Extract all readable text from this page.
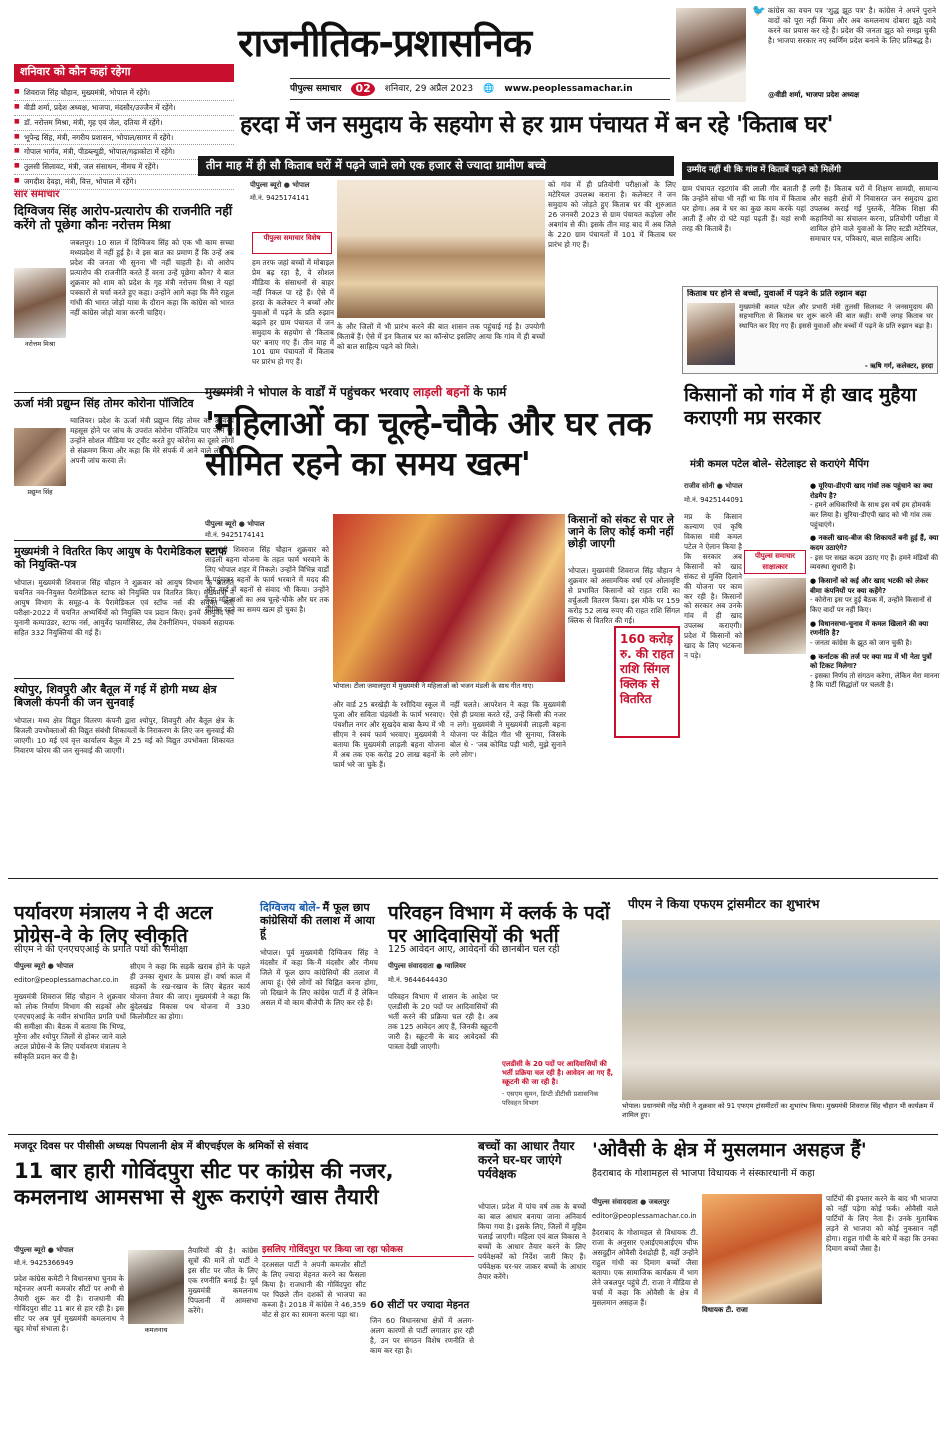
शनिवार को कौन कहां रहेगा
■ शिवराज सिंह चौहान, मुख्यमंत्री, भोपाल में रहेंगे।
■ वीडी शर्मा, प्रदेश अध्यक्ष, भाजपा, मंदसौर/उज्जैन में रहेंगे।
■ डॉ. नरोत्तम मिश्रा, मंत्री, गृह एवं जेल, दतिया में रहेंगे।
■ भूपेन्द्र सिंह, मंत्री, नगरीय प्रशासन, भोपाल/सागर में रहेंगे।
■ गोपाल भार्गव, मंत्री, पीडब्ल्यूडी, भोपाल/गढ़ाकोटा में रहेंगे।
■ तुलसी सिलावट, मंत्री, जल संसाधन, नीमच में रहेंगे।
■ जगदीश देवड़ा, मंत्री, वित्त, भोपाल में रहेंगे।
राजनीतिक-प्रशासनिक
पीपुल्स समाचार	02	शनिवार, 29 अप्रैल 2023 🌐 www.peoplessamachar.in
🐦 कांग्रेस का वचन पत्र 'शुद्ध झूठ पत्र' है। कांग्रेस ने अपने पुराने वादों को पूरा नहीं किया और अब कमलनाथ दोबारा झूठे वादे करने का प्रयास कर रहे हैं। प्रदेश की जनता झूठ को समझ चुकी है। भाजपा सरकार नए स्वर्णिम प्रदेश बनाने के लिए प्रतिबद्ध है।
@वीडी शर्मा, भाजपा प्रदेश अध्यक्ष
सार समाचार
दिग्विजय सिंह आरोप-प्रत्यारोप की राजनीति नहीं करेंगे तो पूछेगा कौनः नरोत्तम मिश्रा
नरोत्तम मिश्रा
जबलपुर। 10 साल में दिग्विजय सिंह को एक भी काम सच्चा मध्यप्रदेश में नहीं हुई है। वे इस बात का प्रमाण हैं कि उन्हें अब प्रदेश की जनता भी सुनना भी नहीं चाहती है। वो आरोप प्रत्यारोप की राजनीति करते हैं वरना उन्हें पूछेगा कौन? ये बात शुक्रवार को शाम को प्रदेश के गृह मंत्री नरोत्तम मिश्रा ने यहां पत्रकारों से चर्चा करते हुए कहा। उन्होंने आगे कहा कि मैंने राहुल गांधी की भारत जोड़ो यात्रा के दौरान कहा कि कांग्रेस को भारत नहीं कांग्रेस जोड़ो यात्रा करनी चाहिए।
ऊर्जा मंत्री प्रद्युम्न सिंह तोमर कोरोना पॉजिटिव
प्रद्युम्न सिंह
ग्वालियर। प्रदेश के ऊर्जा मंत्री प्रद्युम्न सिंह तोमर को अस्वस्थ महसूस होने पर जांच के उपरांत कोरोना पॉजिटिव पाए जाने पर उन्होंने सोशल मीडिया पर ट्वीट करते हुए कोरोना का दूसरे लोगों से संक्रमण किया और कहा कि मेरे संपर्क में आने वाले लोग भी अपनी जांच करवा लें।
मुख्यमंत्री ने वितरित किए आयुष के पैरामेडिकल स्टाफ को नियुक्ति-पत्र
भोपाल। मुख्यमंत्री शिवराज सिंह चौहान ने शुक्रवार को आयुष विभाग के अंतर्गत चयनित नव-नियुक्त पैरामेडिकल स्टाफ को नियुक्ति पत्र वितरित किए। मुख्यमंत्री ने आयुष विभाग के समूह-4 के पैरामेडिकल एवं स्टॉफ नर्स की संयुक्त भर्ती परीक्षा-2022 में चयनित अभ्यर्थियों को नियुक्ति पत्र प्रदान किए। इनमें आयुर्वेद एवं यूनानी कम्पाउंडर, स्टाफ नर्स, आयुर्वेद फार्मासिस्ट, लैब टेक्नीशियन, पंचकर्म सहायक सहित 332 नियुक्तियां की गई हैं।
श्योपुर, शिवपुरी और बैतूल में गई में होगी मध्य क्षेत्र बिजली कंपनी की जन सुनवाई
भोपाल। मध्य क्षेत्र विद्युत वितरण कंपनी द्वारा श्योपुर, शिवपुरी और बैतूल क्षेत्र के बिजली उपभोक्ताओं की विद्युत संबंधी शिकायतों के निराकरण के लिए जन सुनवाई की जाएगी। 10 मई एवं वृत्त कार्यालय बैतूल में 25 मई को विद्युत उपभोक्ता शिकायत निवारण फोरम की जन सुनवाई की जाएगी।
हरदा में जन समुदाय के सहयोग से हर ग्राम पंचायत में बन रहे 'किताब घर'
तीन माह में ही सौ किताब घरों में पढ़ने जाने लगे एक हजार से ज्यादा ग्रामीण बच्चे
पीपुल्स ब्यूरो ● भोपाल
मो.नं. 9425174141
पीपुल्स समाचार विशेष
हम तरफ जहां बच्चों में मोबाइल प्रेम बढ़ रहा है, वे सोशल मीडिया के संसाधनों से बाहर नहीं निकल पा रहे हैं। ऐसे में हरदा के कलेक्टर ने बच्चों और युवाओं में पढ़ने के प्रति रुझान बढ़ाने हर ग्राम पंचायत में जन समुदाय के सहयोग से 'किताब घर' बनाए गए हैं। तीन माह में 101 ग्राम पंचायतों में किताब घर प्रारंभ हो गए हैं।
के और जिलों में भी प्रारंभ करने की बात शासन तक पहुंचाई गई है। उपयोगी किताबें हैं। ऐसे में इन किताब घर का कॉन्सेप्ट इसलिए आया कि गांव में ही बच्चों को बाल साहित्य पढ़ने को मिले।
को गांव में ही प्रतियोगी परीक्षाओं के लिए मटेरियल उपलब्ध कराना है। कलेक्टर ने जन समुदाय को जोड़ते हुए किताब घर की शुरुआत 26 जनवरी 2023 से ग्राम पंचायत कड़ोला और अबगांव से की। इसके तीन माह बाद में अब जिले के 220 ग्राम पंचायतों में 101 में किताब घर प्रारंभ हो गए हैं।
उम्मीद नहीं थी कि गांव में किताबें पढ़ने को मिलेंगी
ग्राम पंचायत रहटगांव की लाली गीर बताती हैं कि उन्होंने सोचा भी नहीं था कि गांव में किताब घर होगा। अब वे घर का कुछ काम करके यहां आती हैं और दो घंटे यहां पढ़ती हैं। यहां सभी तरह की किताबें हैं।
लगी हैं। किताब घरों में शिक्षण सामग्री, सामान्य और सहरी क्षेत्रों में निवासरत जन समुदाय द्वारा उपलब्ध कराई गई पुस्तकें, नैतिक शिक्षा की कहानियों का संचालन करना, प्रतियोगी परीक्षा में शामिल होने वाले युवाओं के लिए स्टडी मटेरियल, समाचार पत्र, पत्रिकाएं, बाल साहित्य आदि।
किताब घर होने से बच्चों, युवाओं में पढ़ने के प्रति रुझान बढ़ा
मुख्यमंत्री कमल पटेल और प्रभारी मंत्री तुलसी सिलावट ने जनसमुदाय की सहभागिता से किताब घर शुरू करने की बात कही। सभी जगह किताब घर स्थापित कर दिए गए हैं। इससे युवाओं और बच्चों में पढ़ने के प्रति रुझान बढ़ा है।
- ऋषि गर्ग, कलेक्टर, हरदा
मुख्यमंत्री ने भोपाल के वार्डों में पहुंचकर भरवाए लाड़ली बहनों के फार्म
'महिलाओं का चूल्हे-चौके और घर तक सीमित रहने का समय खत्म'
पीपुल्स ब्यूरो ● भोपाल
मो.नं. 9425174141
मुख्यमंत्री शिवराज सिंह चौहान शुक्रवार को लाड़ली बहना योजना के तहत फार्म भरवाने के लिए भोपाल शहर में निकले। उन्होंने विभिन्न वार्डों में पहुंचकर बहनों के फार्म भरवाने में मदद की और वार्ड में बहनों से संवाद भी किया। उन्होंने कहा महिलाओं का अब चूल्हे-चौके और घर तक सीमित रहने का समय खत्म हो चुका है।
भोपाल। टीला जमालपुरा में मुख्यमंत्री ने महिलाओं को भजन मंडली के साथ गीत गाए।
और वार्ड 25 बरखेड़ी के रशीदिया स्कूल में पूजा और सविता चंद्रवंशी के फार्म भरवाए। पंचशील नगर और सुखदेव बाबा कैम्प में भी सीएम ने स्वयं फार्म भरवाए। मुख्यमंत्री ने बताया कि मुख्यमंत्री लाड़ली बहना योजना में अब तक एक करोड़ 20 लाख बहनों के फार्म भरे जा चुके हैं।
नहीं चलते। आपरेशन ने कहा कि मुख्यमंत्री ऐसे ही प्रयास करते रहें, उन्हें किसी की नजर न लगे। मुख्यमंत्री ने मुख्यमंत्री लाड़ली बहना योजना पर केंद्रित गीत भी सुनाया, जिसके बोल थे - 'जब कोविड पड़ी भारी, मुझे सुनाने लगे लोग'।
किसानों को संकट से पार ले जाने के लिए कोई कमी नहीं छोड़ी जाएगी
भोपाल। मुख्यमंत्री शिवराज सिंह चौहान ने शुक्रवार को असामयिक वर्षा एवं ओलावृष्टि से प्रभावित किसानों को राहत राशि का वर्चुअली वितरण किया। इस मौके पर 159 करोड़ 52 लाख रुपए की राहत राशि सिंगल क्लिक से वितरित की गई।
160 करोड़ रु. की राहत राशि सिंगल क्लिक से वितरित
किसानों को गांव में ही खाद मुहैया कराएगी मप्र सरकार
मंत्री कमल पटेल बोले- सेटेलाइट से कराएंगे मैपिंग
राजीव सोनी ● भोपाल
मो.नं. 9425144091
पीपुल्स समाचार साक्षात्कार
मप्र के किसान कल्याण एवं कृषि विकास मंत्री कमल पटेल ने ऐलान किया है कि सरकार अब किसानों को खाद संकट से मुक्ति दिलाने की योजना पर काम कर रही है। किसानों को सरकार अब उनके गांव में ही खाद उपलब्ध कराएगी। प्रदेश में किसानों को खाद के लिए भटकना न पड़े।
● यूरिया-डीएपी खाद गांवों तक पहुंचाने का क्या रोडमैप है?
- हमने अधिकारियों के साथ इस वर्ष हम होमवर्क कर लिया है। यूरिया-डीएपी खाद को भी गांव तक पहुंचाएंगे।
● नकली खाद-बीज की शिकायतें बनी हुई हैं, क्या कदम उठाएंगे?
- इस पर सख्त कदम उठाए गए हैं। हमने मंडियों की व्यवस्था सुधारी है।
● किसानों को कई और खाद भटकी को लेकर बीमा कंपनियों पर क्या कहेंगे?
- कोरोना इस पर हुई बैठक में, उन्होंने किसानों से किए वादों पर नहीं किए।
● विधानसभा-चुनाव में कमल खिलाने की क्या रणनीति है?
- जनता कांग्रेस के झूठ को जान चुकी है।
● कर्नाटक की तर्ज पर क्या मप्र में भी नेता पुत्रों को टिकट मिलेगा?
- इसका निर्णय तो संगठन करेगा, लेकिन मेरा मानना है कि पार्टी सिद्धांतों पर चलती है।
पर्यावरण मंत्रालय ने दी अटल प्रोग्रेस-वे के लिए स्वीकृति
सीएम ने की एनएचएआई के प्रगति पथों की समीक्षा
पीपुल्स ब्यूरो ● भोपाल
editor@peoplessamachar.co.in
मुख्यमंत्री शिवराज सिंह चौहान ने शुक्रवार को लोक निर्माण विभाग की सड़कों और एनएचएआई के नवीन संभावित प्रगति पथों की समीक्षा की। बैठक में बताया कि भिण्ड, मुरैना और श्योपुर जिलों से होकर जाने वाले अटल प्रोग्रेस-वे के लिए पर्यावरण मंत्रालय ने स्वीकृति प्रदान कर दी है।
सीएम ने कहा कि सड़कें खराब होने के पहले ही उनका सुधार के प्रयास हों। वर्षा काल में सड़कों के रख-रखाव के लिए बेहतर कार्य योजना तैयार की जाए। मुख्यमंत्री ने कहा कि बुंदेलखंड विकास पथ योजना में 330 किलोमीटर का होगा।
दिग्विजय बोले- मैं फूल छाप कांग्रेसियों की तलाश में आया हूं
भोपाल। पूर्व मुख्यमंत्री दिग्विजय सिंह ने मंदसौर में कहा कि-मैं मंदसौर और नीमच जिले में फूल छाप कांग्रेसियों की तलाश में आया हूं। ऐसे लोगों को चिह्नित करना होगा, जो दिखाने के लिए कांग्रेस पार्टी में हैं लेकिन असल में वो काम बीजेपी के लिए कर रहे हैं।
परिवहन विभाग में क्लर्क के पदों पर आदिवासियों की भर्ती
125 आवेदन आए, आवेदनों की छानबीन चल रही
पीपुल्स संवाददाता ● ग्वालियर
मो.नं. 9644644430
परिवहन विभाग में शासन के आदेश पर एलडीसी के 20 पदों पर आदिवासियों की भर्ती करने की प्रक्रिया चल रही है। अब तक 125 आवेदन आए हैं, जिनकी स्क्रूटनी जारी है। स्क्रूटनी के बाद आवेदकों की पात्रता देखी जाएगी।
एलडीसी के 20 पदों पर आदिवासियों की भर्ती प्रक्रिया चल रही है। आवेदन आ गए हैं, स्क्रूटनी की जा रही है।
- एसएम सुमन, डिप्टी डीटीसी प्रशासनिक परिवहन विभाग
पीएम ने किया एफएम ट्रांसमीटर का शुभारंभ
भोपाल। प्रधानमंत्री नरेंद्र मोदी ने शुक्रवार को 91 एफएम ट्रांसमीटरों का शुभारंभ किया। मुख्यमंत्री शिवराज सिंह चौहान भी कार्यक्रम में शामिल हुए।
मजदूर दिवस पर पीसीसी अध्यक्ष पिपलानी क्षेत्र में बीएचईएल के श्रमिकों से संवाद
11 बार हारी गोविंदपुरा सीट पर कांग्रेस की नजर, कमलनाथ आमसभा से शुरू कराएंगे खास तैयारी
पीपुल्स ब्यूरो ● भोपाल
मो.नं. 9425366949
प्रदेश कांग्रेस कमेटी ने विधानसभा चुनाव के मद्देनजर अपनी कमजोर सीटों पर अभी से तैयारी शुरू कर दी है। राजधानी की गोविंदपुरा सीट 11 बार से हार रही है। इस सीट पर अब पूर्व मुख्यमंत्री कमलनाथ ने खुद मोर्चा संभाला है।	कमलनाथ
तैयारियों की है। कांग्रेस सूत्रों की मानें तो पार्टी ने इस सीट पर जीत के लिए एक रणनीति बनाई है। पूर्व मुख्यमंत्री कमलनाथ पिपलानी में आमसभा करेंगे।
इसलिए गोविंदपुरा पर किया जा रहा फोकस
दरअसल पार्टी ने अपनी कमजोर सीटों के लिए ज्यादा मेहनत करने का फैसला किया है। राजधानी की गोविंदपुरा सीट पर पिछले तीन दशकों से भाजपा का कब्जा है। 2018 में कांग्रेस ने 46,359 वोट से हार का सामना करना पड़ा था।
60 सीटों पर ज्यादा मेहनत
जिन 60 विधानसभा क्षेत्रों में अलग-अलग कारणों से पार्टी लगातार हार रही है, उन पर संगठन विशेष रणनीति से काम कर रहा है।
बच्चों का आधार तैयार करने घर-घर जाएंगे पर्यवेक्षक
भोपाल। प्रदेश में पांच वर्ष तक के बच्चों का बाल आधार बनाया जाना अनिवार्य किया गया है। इसके लिए, जिलों में मुहिम चलाई जाएगी। महिला एवं बाल विकास ने बच्चों के आधार तैयार करने के लिए पर्यवेक्षकों को निर्देश जारी किए हैं। पर्यवेक्षक घर-घर जाकर बच्चों के आधार तैयार करेंगे।
'ओवैसी के क्षेत्र में मुसलमान असहज हैं'
हैदराबाद के गोशामहल से भाजपा विधायक ने संस्कारधानी में कहा
पीपुल्स संवाददाता ● जबलपुर
editor@peoplessamachar.co.in
हैदराबाद के गोशामहल से विधायक टी. राजा के अनुसार एआईएमआईएम चीफ असदुद्दीन ओवैसी देशद्रोही हैं, वहीं उन्होंने राहुल गांधी का दिमाग बच्चों जैसा बताया। एक सामाजिक कार्यक्रम में भाग लेने जबलपुर पहुंचे टी. राजा ने मीडिया से चर्चा में कहा कि ओवैसी के क्षेत्र में मुसलमान असहज हैं।
विधायक टी. राजा
पार्टियों की इफ्तार करने के बाद भी भाजपा को नहीं पड़ेगा कोई फर्क। ओवैसी वाले पार्टियों के लिए नेता हैं। उनके मुताबिक लड़ने से भाजपा को कोई नुकसान नहीं होगा। राहुल गांधी के बारे में कहा कि उनका दिमाग बच्चों जैसा है।
